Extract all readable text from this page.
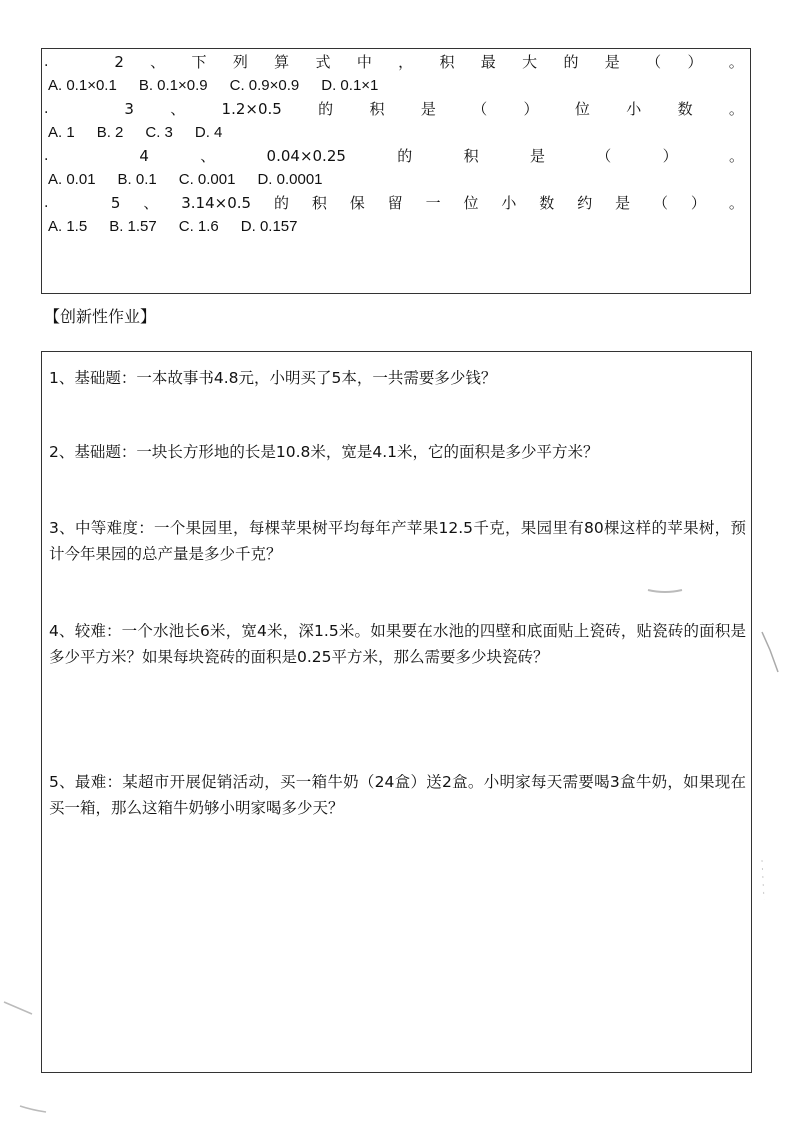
.	2 、 下 列 算 式 中 ， 积 最 大 的 是 （ ） 。
A. 0.1×0.1 B. 0.1×0.9 C. 0.9×0.9 D. 0.1×1
.	3 、 1.2×0.5 的 积 是 （ ） 位 小 数 。
A. 1 B. 2 C. 3 D. 4
.	4	、	0.04×0.25	的	积	是	（	）	。
A. 0.01 B. 0.1 C. 0.001 D. 0.0001
.	5 、 3.14×0.5 的 积 保 留 一 位 小 数 约 是 （ ） 。
A. 1.5 B. 1.57 C. 1.6 D. 0.157
【创新性作业】
1、基础题：一本故事书4.8元，小明买了5本，一共需要多少钱？
2、基础题：一块长方形地的长是10.8米，宽是4.1米，它的面积是多少平方米？
3、中等难度：一个果园里，每棵苹果树平均每年产苹果12.5千克，果园里有80棵这样的苹果树，预计今年果园的总产量是多少千克？
4、较难：一个水池长6米，宽4米，深1.5米。如果要在水池的四壁和底面贴上瓷砖，贴瓷砖的面积是多少平方米？如果每块瓷砖的面积是0.25平方米，那么需要多少块瓷砖？
5、最难：某超市开展促销活动，买一箱牛奶（24盒）送2盒。小明家每天需要喝3盒牛奶，如果现在买一箱，那么这箱牛奶够小明家喝多少天？
